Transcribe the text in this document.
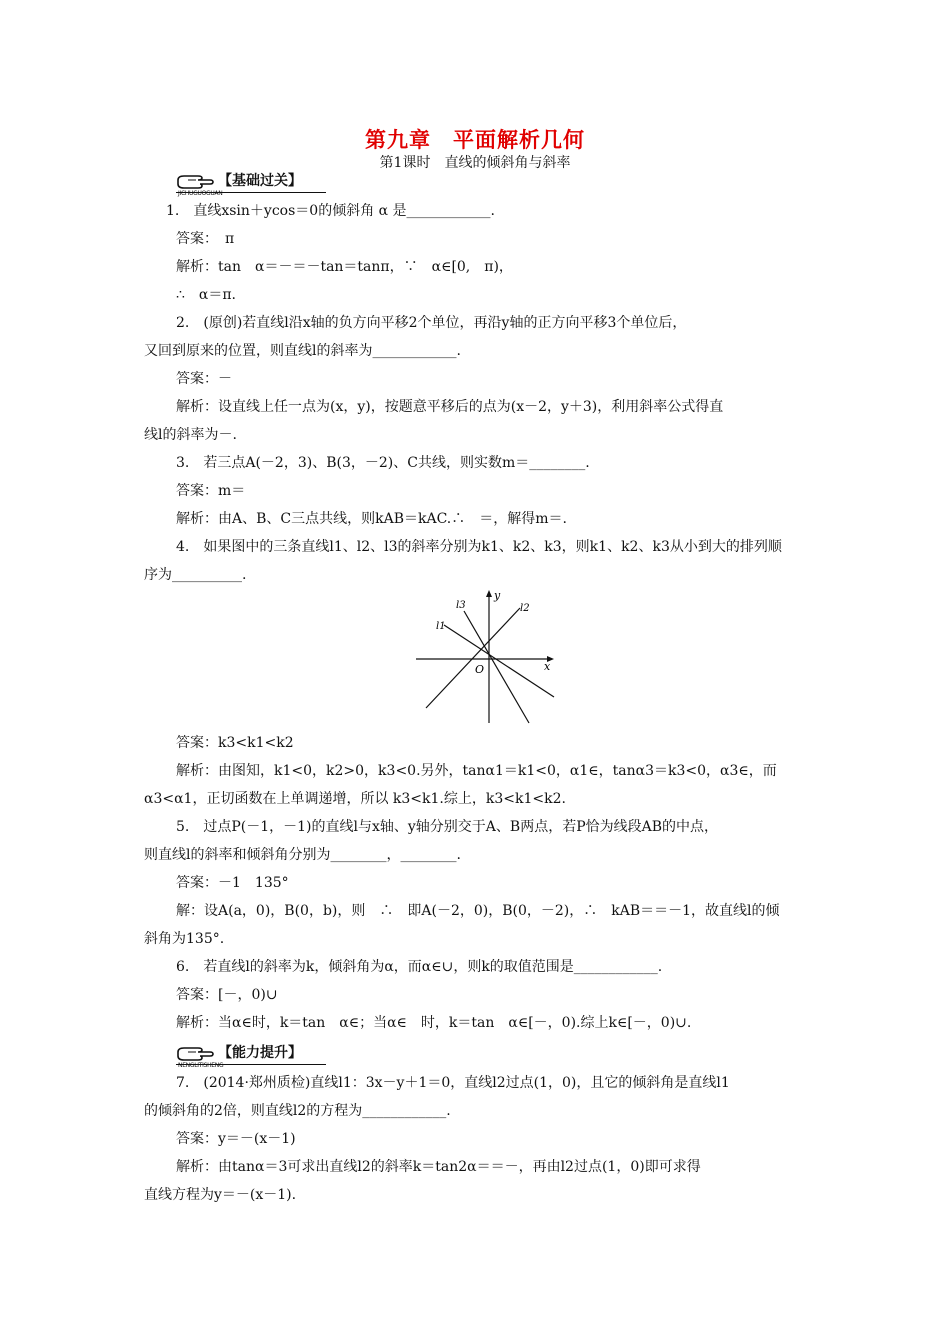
第九章　平面解析几何
第1课时　直线的倾斜角与斜率
【基础过关】
JICHUGUOGUAN
1.　直线xsin＋ycos＝0的倾斜角 α 是____________.
答案：　π
解析：tan　α＝－＝－tan＝tanπ，∵　α∈[0,　π)，
∴　α＝π.
2.　(原创)若直线l沿x轴的负方向平移2个单位，再沿y轴的正方向平移3个单位后，
又回到原来的位置，则直线l的斜率为____________.
答案：－
解析：设直线上任一点为(x，y)，按题意平移后的点为(x－2，y＋3)，利用斜率公式得直
线l的斜率为－.
3.　若三点A(－2，3)、B(3，－2)、C共线，则实数m＝________.
答案：m＝
解析：由A、B、C三点共线，则kAB＝kAC.∴　＝，解得m＝.
4.　如果图中的三条直线l1、l2、l3的斜率分别为k1、k2、k3，则k1、k2、k3从小到大的排列顺
序为__________.
x
y
O
l3	l2
l1
答案：k3<k1<k2
解析：由图知，k1<0，k2>0，k3<0.另外，tanα1＝k1<0，α1∈，tanα3＝k3<0，α3∈，而
α3<α1，正切函数在上单调递增，所以 k3<k1.综上，k3<k1<k2.
5.　过点P(－1，－1)的直线l与x轴、y轴分别交于A、B两点，若P恰为线段AB的中点，
则直线l的斜率和倾斜角分别为________，________.
答案：－1　135°
解：设A(a，0)，B(0，b)，则　∴　即A(－2，0)，B(0，－2)，∴　kAB＝＝－1，故直线l的倾
斜角为135°.
6.　若直线l的斜率为k，倾斜角为α，而α∈∪，则k的取值范围是____________.
答案：[－，0)∪
解析：当α∈时，k＝tan　α∈；当α∈　时，k＝tan　α∈[－，0).综上k∈[－，0)∪.
【能力提升】
NENGLITISHENG
7.　(2014·郑州质检)直线l1：3x－y＋1＝0，直线l2过点(1，0)，且它的倾斜角是直线l1
的倾斜角的2倍，则直线l2的方程为____________.
答案：y＝－(x－1)
解析：由tanα＝3可求出直线l2的斜率k＝tan2α＝＝－，再由l2过点(1，0)即可求得
直线方程为y＝－(x－1).
